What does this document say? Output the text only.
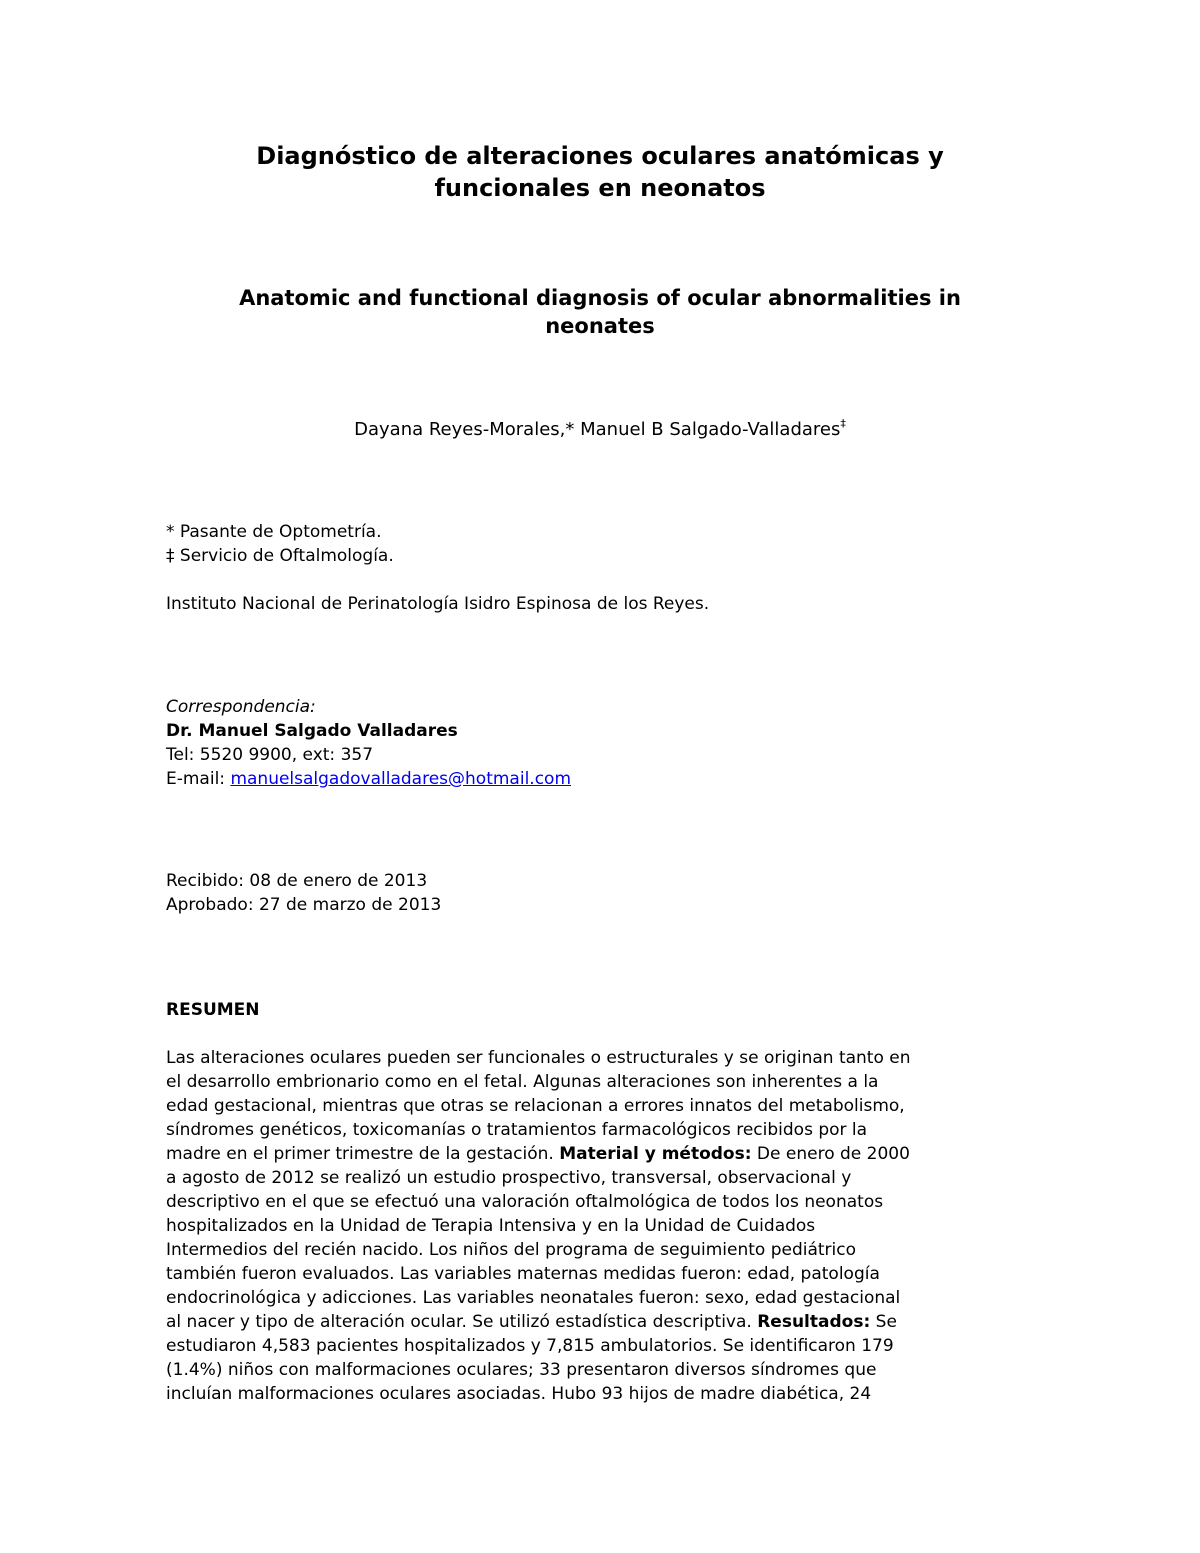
Diagnóstico de alteraciones oculares anatómicas y
funcionales en neonatos
Anatomic and functional diagnosis of ocular abnormalities in
neonates

Dayana Reyes-Morales,* Manuel B Salgado-Valladares‡

* Pasante de Optometría.

‡ Servicio de Oftalmología.

Instituto Nacional de Perinatología Isidro Espinosa de los Reyes.

Correspondencia:

Dr. Manuel Salgado Valladares

Tel: 5520 9900, ext: 357

E-mail: manuelsalgadovalladares@hotmail.com

Recibido: 08 de enero de 2013

Aprobado: 27 de marzo de 2013

RESUMEN

Las alteraciones oculares pueden ser funcionales o estructurales y se originan tanto en
el desarrollo embrionario como en el fetal. Algunas alteraciones son inherentes a la
edad gestacional, mientras que otras se relacionan a errores innatos del metabolismo,
síndromes genéticos, toxicomanías o tratamientos farmacológicos recibidos por la
madre en el primer trimestre de la gestación. Material y métodos: De enero de 2000
a agosto de 2012 se realizó un estudio prospectivo, transversal, observacional y
descriptivo en el que se efectuó una valoración oftalmológica de todos los neonatos
hospitalizados en la Unidad de Terapia Intensiva y en la Unidad de Cuidados
Intermedios del recién nacido. Los niños del programa de seguimiento pediátrico
también fueron evaluados. Las variables maternas medidas fueron: edad, patología
endocrinológica y adicciones. Las variables neonatales fueron: sexo, edad gestacional
al nacer y tipo de alteración ocular. Se utilizó estadística descriptiva. Resultados: Se
estudiaron 4,583 pacientes hospitalizados y 7,815 ambulatorios. Se identificaron 179
(1.4%) niños con malformaciones oculares; 33 presentaron diversos síndromes que
incluían malformaciones oculares asociadas. Hubo 93 hijos de madre diabética, 24
